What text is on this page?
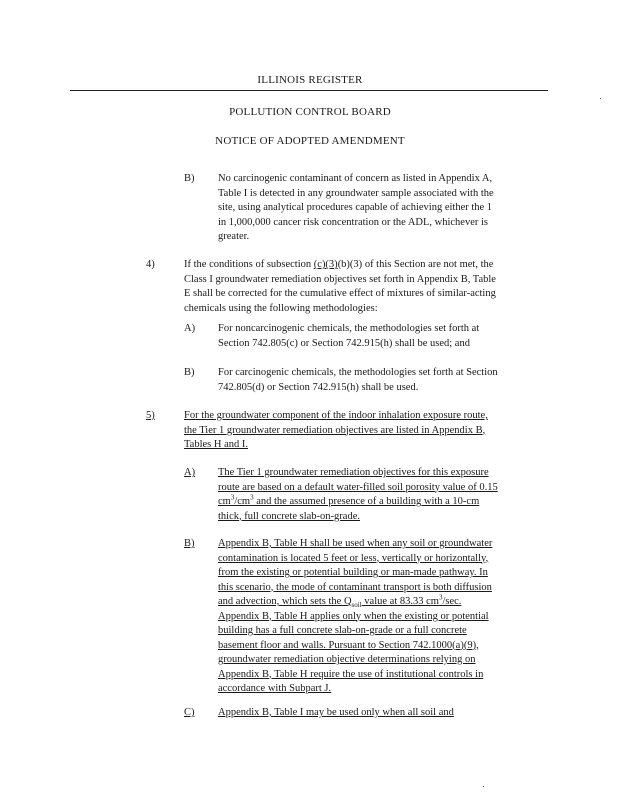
ILLINOIS REGISTER
POLLUTION CONTROL BOARD
NOTICE OF ADOPTED AMENDMENT
B) No carcinogenic contaminant of concern as listed in Appendix A,
Table I is detected in any groundwater sample associated with the
site, using analytical procedures capable of achieving either the 1
in 1,000,000 cancer risk concentration or the ADL, whichever is
greater.
4)	If the conditions of subsection (c)(3)(b)(3) of this Section are not met, the
Class I groundwater remediation objectives set forth in Appendix B, Table
E shall be corrected for the cumulative effect of mixtures of similar-acting
chemicals using the following methodologies:
A) For noncarcinogenic chemicals, the methodologies set forth at
Section 742.805(c) or Section 742.915(h) shall be used; and
B) For carcinogenic chemicals, the methodologies set forth at Section
742.805(d) or Section 742.915(h) shall be used.
5)	For the groundwater component of the indoor inhalation exposure route,
the Tier 1 groundwater remediation objectives are listed in Appendix B,
Tables H and I.
A) The Tier 1 groundwater remediation objectives for this exposure
route are based on a default water-filled soil porosity value of 0.15
$cm^3/cm^3$ and the assumed presence of a building with a 10-cm
thick, full concrete slab-on-grade.
B) Appendix B, Table H shall be used when any soil or groundwater
contamination is located 5 feet or less, vertically or horizontally,
from the existing or potential building or man-made pathway. In
this scenario, the mode of contaminant transport is both diffusion
and advection, which sets the $Q_{soil}$ value at 83.33 $cm^3/\sec$.
Appendix B, Table H applies only when the existing or potential
building has a full concrete slab-on-grade or a full concrete
basement floor and walls. Pursuant to Section 742.1000(a)(9),
groundwater remediation objective determinations relying on
Appendix B, Table H require the use of institutional controls in
accordance with Subpart J.
C) Appendix B, Table I may be used only when all soil and
